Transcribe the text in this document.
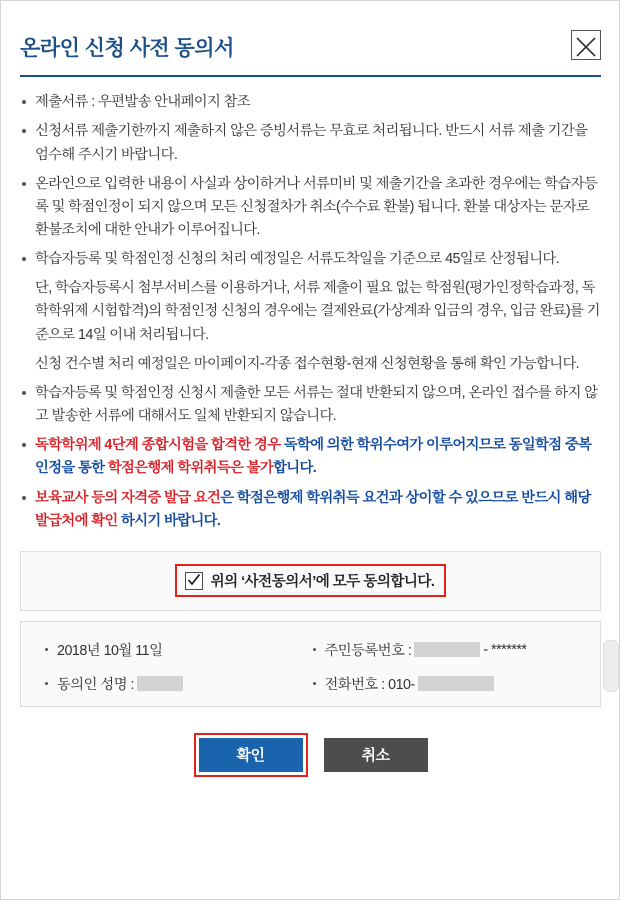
온라인 신청 사전 동의서
제출서류 : 우편발송 안내페이지 참조
신청서류 제출기한까지 제출하지 않은 증빙서류는 무효로 처리됩니다. 반드시 서류 제출 기간을 엄수해 주시기 바랍니다.
온라인으로 입력한 내용이 사실과 상이하거나 서류미비 및 제출기간을 초과한 경우에는 학습자등록 및 학점인정이 되지 않으며 모든 신청절차가 취소(수수료 환불) 됩니다. 환불 대상자는 문자로 환불조치에 대한 안내가 이루어집니다.
학습자등록 및 학점인정 신청의 처리 예정일은 서류도착일을 기준으로 45일로 산정됩니다.
단, 학습자등록시 첨부서비스를 이용하거나, 서류 제출이 필요 없는 학점원(평가인정학습과정, 독학학위제 시험합격)의 학점인정 신청의 경우에는 결제완료(가상계좌 입금의 경우, 입금 완료)를 기준으로 14일 이내 처리됩니다.
신청 건수별 처리 예정일은 마이페이지-각종 접수현황-현재 신청현황을 통해 확인 가능합니다.
학습자등록 및 학점인정 신청시 제출한 모든 서류는 절대 반환되지 않으며, 온라인 접수를 하지 않고 발송한 서류에 대해서도 일체 반환되지 않습니다.
독학학위제 4단계 종합시험을 합격한 경우 독학에 의한 학위수여가 이루어지므로 동일학점 중복인정을 통한 학점은행제 학위취득은 불가합니다.
보육교사 등의 자격증 발급 요건은 학점은행제 학위취득 요건과 상이할 수 있으므로 반드시 해당 발급처에 확인 하시기 바랍니다.
위의 ‘사전동의서’에 모두 동의합니다.
2018년 10월 11일
동의인 성명 :
주민등록번호 :	- *******
전화번호 : 010-
확인	취소
